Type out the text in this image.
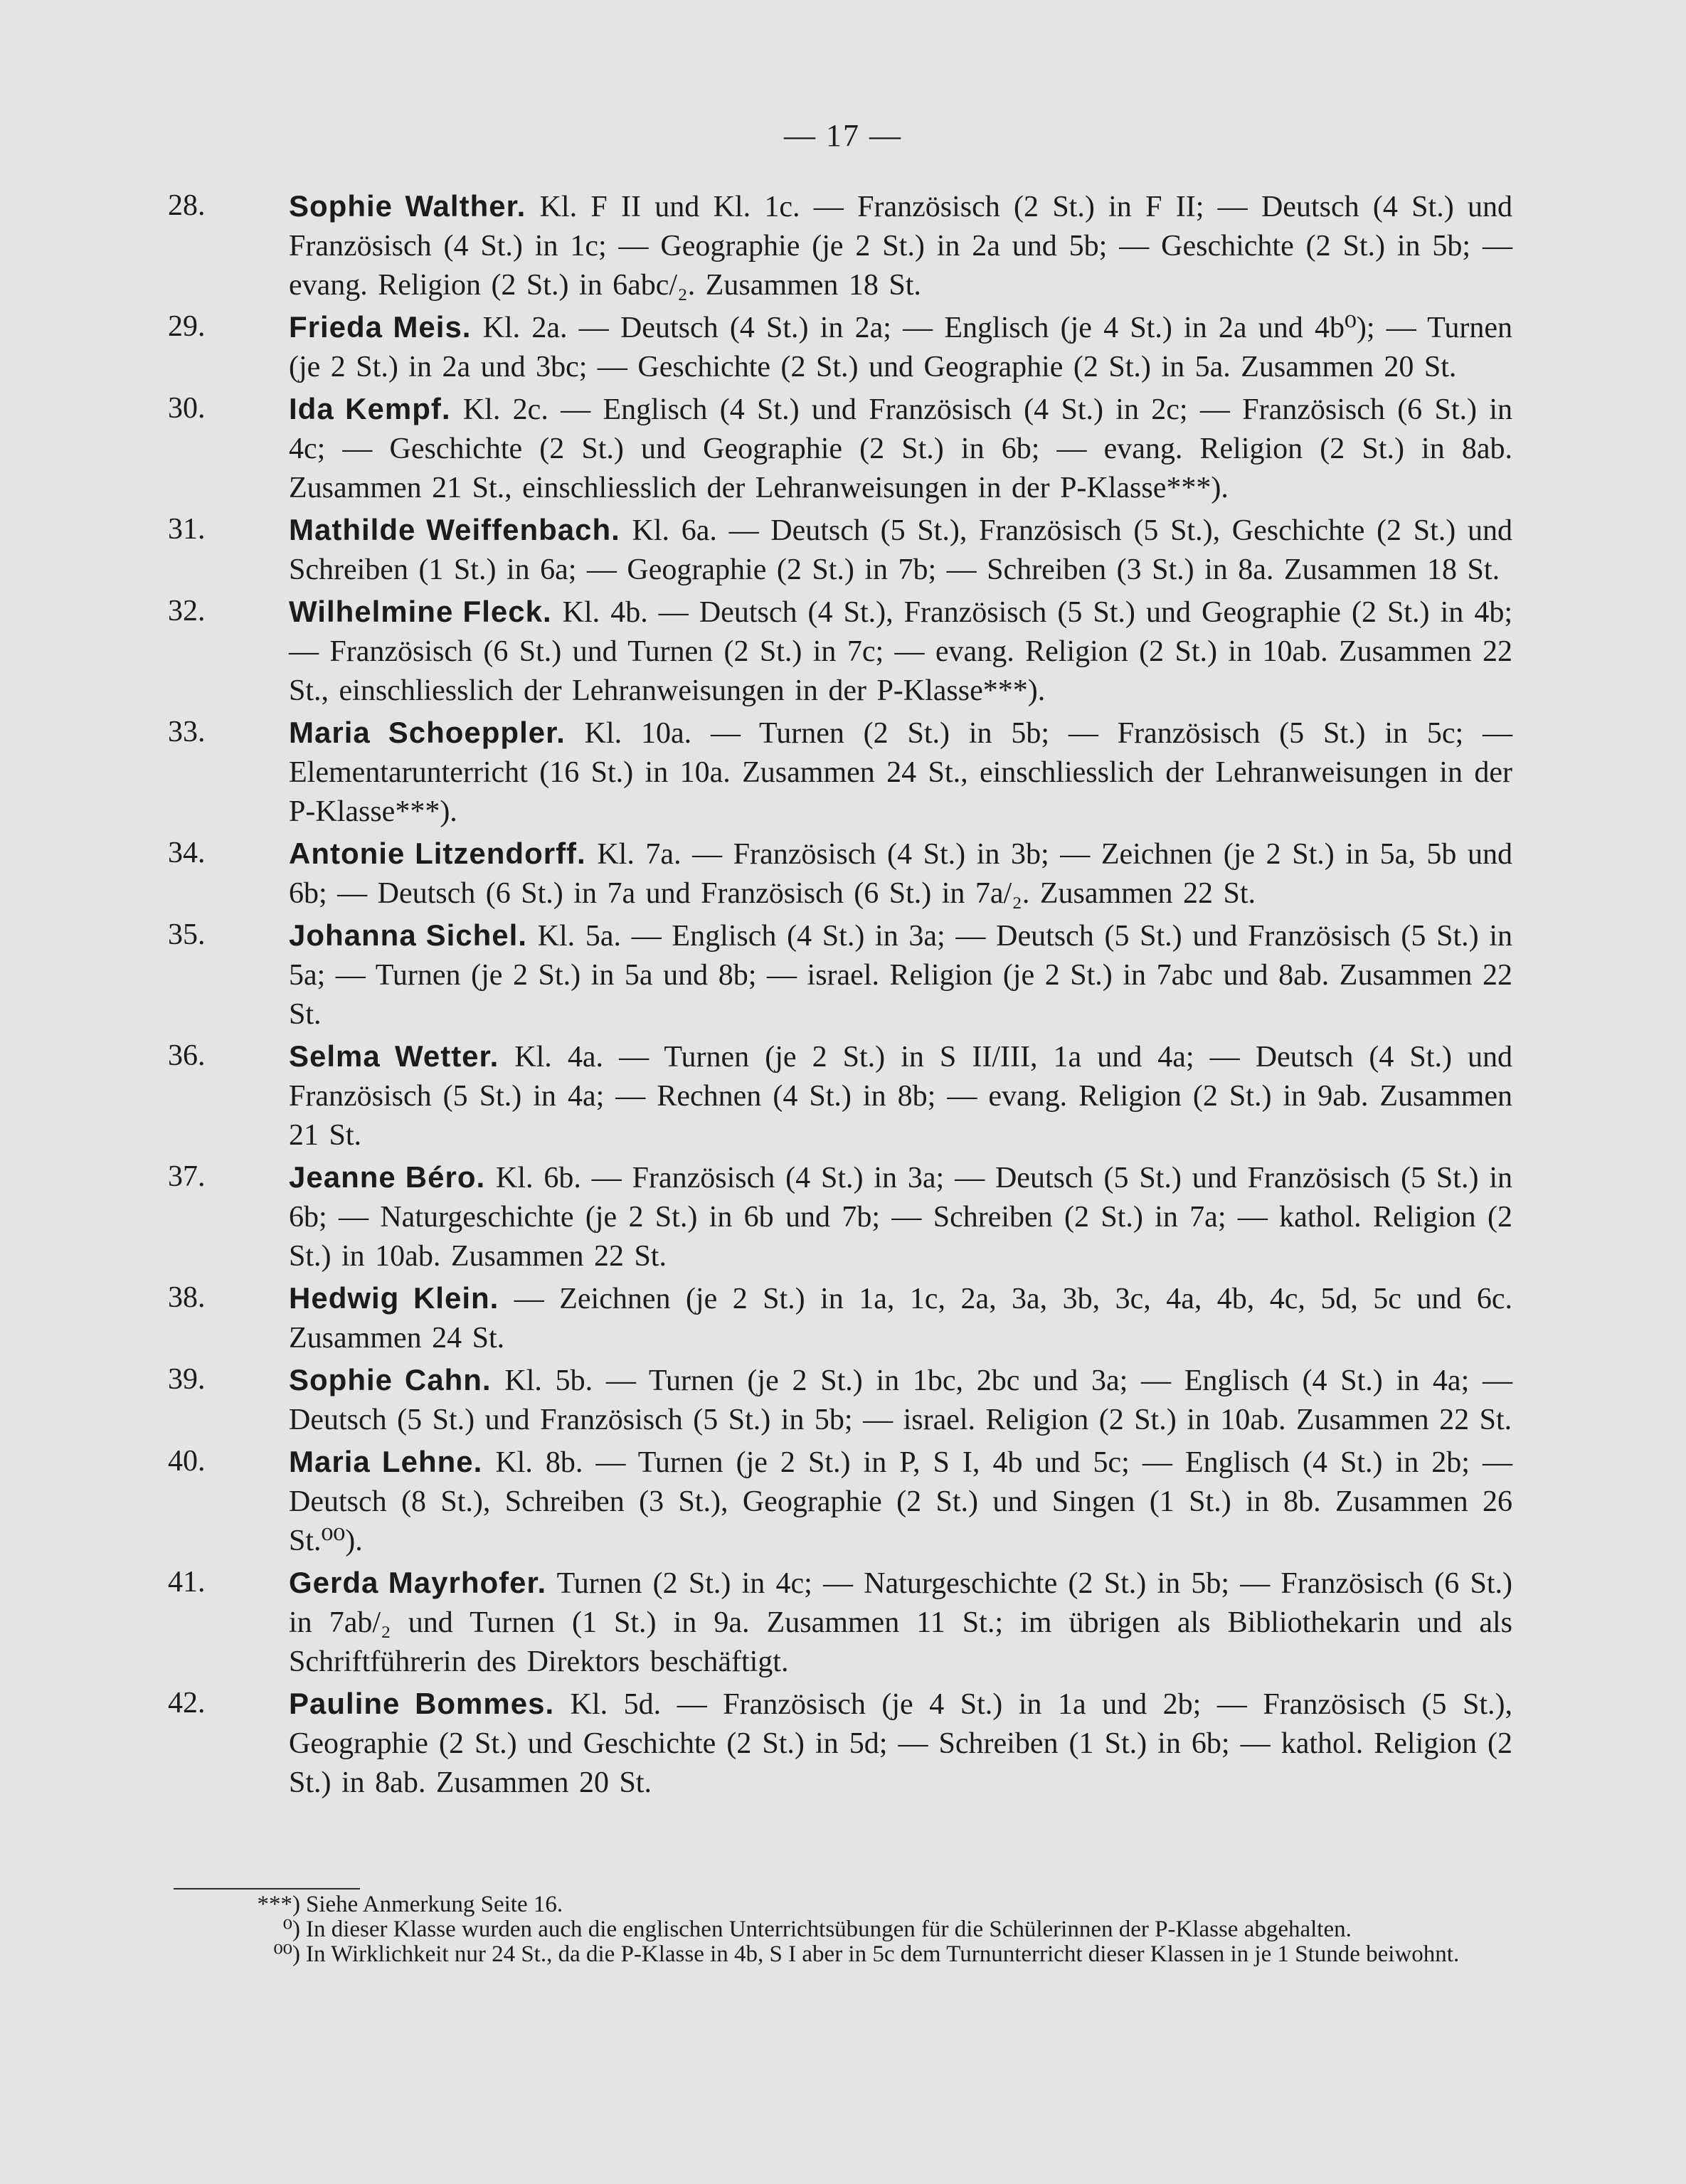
— 17 —
28.	Sophie Walther. Kl. F II und Kl. 1c. — Französisch (2 St.) in F II; — Deutsch (4 St.) und Französisch (4 St.) in 1c; — Geographie (je 2 St.) in 2a und 5b; — Geschichte (2 St.) in 5b; — evang. Religion (2 St.) in 6abc/₂. Zusammen 18 St.
29.	Frieda Meis. Kl. 2a. — Deutsch (4 St.) in 2a; — Englisch (je 4 St.) in 2a und 4b⁰); — Turnen (je 2 St.) in 2a und 3bc; — Geschichte (2 St.) und Geographie (2 St.) in 5a. Zusammen 20 St.
30.	Ida Kempf. Kl. 2c. — Englisch (4 St.) und Französisch (4 St.) in 2c; — Französisch (6 St.) in 4c; — Geschichte (2 St.) und Geographie (2 St.) in 6b; — evang. Religion (2 St.) in 8ab. Zusammen 21 St., einschliesslich der Lehranweisungen in der P-Klasse***).
31.	Mathilde Weiffenbach. Kl. 6a. — Deutsch (5 St.), Französisch (5 St.), Geschichte (2 St.) und Schreiben (1 St.) in 6a; — Geographie (2 St.) in 7b; — Schreiben (3 St.) in 8a. Zusammen 18 St.
32.	Wilhelmine Fleck. Kl. 4b. — Deutsch (4 St.), Französisch (5 St.) und Geographie (2 St.) in 4b; — Französisch (6 St.) und Turnen (2 St.) in 7c; — evang. Religion (2 St.) in 10ab. Zusammen 22 St., einschliesslich der Lehranweisungen in der P-Klasse***).
33.	Maria Schoeppler. Kl. 10a. — Turnen (2 St.) in 5b; — Französisch (5 St.) in 5c; — Elementarunterricht (16 St.) in 10a. Zusammen 24 St., einschliesslich der Lehranweisungen in der P-Klasse***).
34.	Antonie Litzendorff. Kl. 7a. — Französisch (4 St.) in 3b; — Zeichnen (je 2 St.) in 5a, 5b und 6b; — Deutsch (6 St.) in 7a und Französisch (6 St.) in 7a/₂. Zusammen 22 St.
35.	Johanna Sichel. Kl. 5a. — Englisch (4 St.) in 3a; — Deutsch (5 St.) und Französisch (5 St.) in 5a; — Turnen (je 2 St.) in 5a und 8b; — israel. Religion (je 2 St.) in 7abc und 8ab. Zusammen 22 St.
36.	Selma Wetter. Kl. 4a. — Turnen (je 2 St.) in S II/III, 1a und 4a; — Deutsch (4 St.) und Französisch (5 St.) in 4a; — Rechnen (4 St.) in 8b; — evang. Religion (2 St.) in 9ab. Zusammen 21 St.
37.	Jeanne Béro. Kl. 6b. — Französisch (4 St.) in 3a; — Deutsch (5 St.) und Französisch (5 St.) in 6b; — Naturgeschichte (je 2 St.) in 6b und 7b; — Schreiben (2 St.) in 7a; — kathol. Religion (2 St.) in 10ab. Zusammen 22 St.
38.	Hedwig Klein. — Zeichnen (je 2 St.) in 1a, 1c, 2a, 3a, 3b, 3c, 4a, 4b, 4c, 5d, 5c und 6c. Zusammen 24 St.
39.	Sophie Cahn. Kl. 5b. — Turnen (je 2 St.) in 1bc, 2bc und 3a; — Englisch (4 St.) in 4a; — Deutsch (5 St.) und Französisch (5 St.) in 5b; — israel. Religion (2 St.) in 10ab. Zusammen 22 St.
40.	Maria Lehne. Kl. 8b. — Turnen (je 2 St.) in P, S I, 4b und 5c; — Englisch (4 St.) in 2b; — Deutsch (8 St.), Schreiben (3 St.), Geographie (2 St.) und Singen (1 St.) in 8b. Zusammen 26 St.⁰⁰).
41.	Gerda Mayrhofer. Turnen (2 St.) in 4c; — Naturgeschichte (2 St.) in 5b; — Französisch (6 St.) in 7ab/₂ und Turnen (1 St.) in 9a. Zusammen 11 St.; im übrigen als Bibliothekarin und als Schriftführerin des Direktors beschäftigt.
42.	Pauline Bommes. Kl. 5d. — Französisch (je 4 St.) in 1a und 2b; — Französisch (5 St.), Geographie (2 St.) und Geschichte (2 St.) in 5d; — Schreiben (1 St.) in 6b; — kathol. Religion (2 St.) in 8ab. Zusammen 20 St.
***) Siehe Anmerkung Seite 16.
⁰) In dieser Klasse wurden auch die englischen Unterrichtsübungen für die Schülerinnen der P-Klasse abgehalten.
⁰⁰) In Wirklichkeit nur 24 St., da die P-Klasse in 4b, S I aber in 5c dem Turnunterricht dieser Klassen in je 1 Stunde beiwohnt.
